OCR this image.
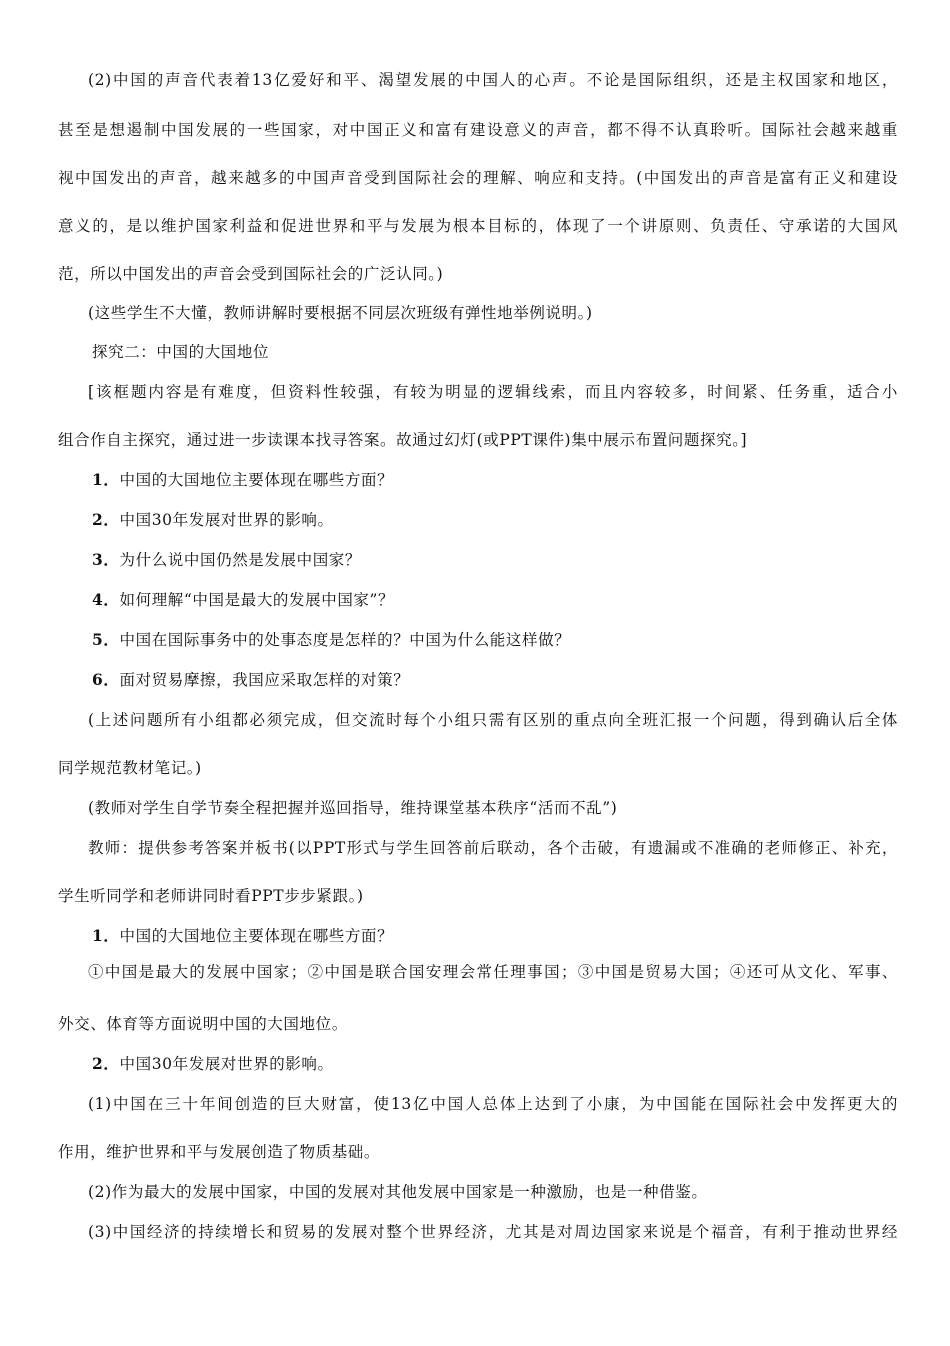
(2)中国的声音代表着13亿爱好和平、渴望发展的中国人的心声。不论是国际组织，还是主权国家和地区，
甚至是想遏制中国发展的一些国家，对中国正义和富有建设意义的声音，都不得不认真聆听。国际社会越来越重
视中国发出的声音，越来越多的中国声音受到国际社会的理解、响应和支持。(中国发出的声音是富有正义和建设
意义的，是以维护国家利益和促进世界和平与发展为根本目标的，体现了一个讲原则、负责任、守承诺的大国风
范，所以中国发出的声音会受到国际社会的广泛认同。)
(这些学生不大懂，教师讲解时要根据不同层次班级有弹性地举例说明。)
探究二：中国的大国地位
[该框题内容是有难度，但资料性较强，有较为明显的逻辑线索，而且内容较多，时间紧、任务重，适合小
组合作自主探究，通过进一步读课本找寻答案。故通过幻灯(或PPT课件)集中展示布置问题探究。]
1．中国的大国地位主要体现在哪些方面？
2．中国30年发展对世界的影响。
3．为什么说中国仍然是发展中国家？
4．如何理解“中国是最大的发展中国家”？
5．中国在国际事务中的处事态度是怎样的？中国为什么能这样做？
6．面对贸易摩擦，我国应采取怎样的对策？
(上述问题所有小组都必须完成，但交流时每个小组只需有区别的重点向全班汇报一个问题，得到确认后全体
同学规范教材笔记。)
(教师对学生自学节奏全程把握并巡回指导，维持课堂基本秩序“活而不乱”)
教师：提供参考答案并板书(以PPT形式与学生回答前后联动，各个击破，有遗漏或不准确的老师修正、补充，
学生听同学和老师讲同时看PPT步步紧跟。)
1．中国的大国地位主要体现在哪些方面？
①中国是最大的发展中国家；②中国是联合国安理会常任理事国；③中国是贸易大国；④还可从文化、军事、
外交、体育等方面说明中国的大国地位。
2．中国30年发展对世界的影响。
(1)中国在三十年间创造的巨大财富，使13亿中国人总体上达到了小康，为中国能在国际社会中发挥更大的
作用，维护世界和平与发展创造了物质基础。
(2)作为最大的发展中国家，中国的发展对其他发展中国家是一种激励，也是一种借鉴。
(3)中国经济的持续增长和贸易的发展对整个世界经济，尤其是对周边国家来说是个福音，有利于推动世界经
